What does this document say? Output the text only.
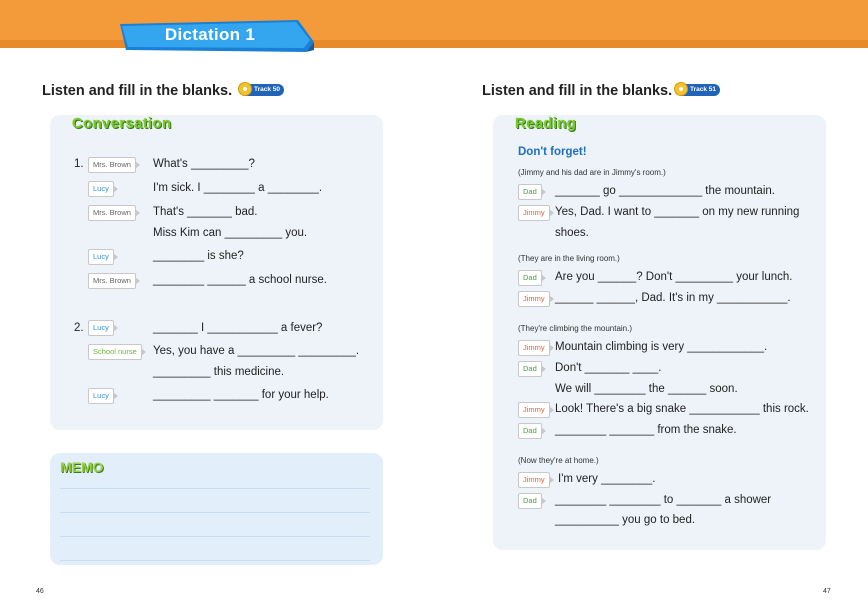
Dictation 1
Listen and fill in the blanks.	Track 50
Conversation
1.	Mrs. Brown	What's _________?
Lucy	I'm sick. I ________ a ________.
Mrs. Brown	That's _______ bad.
Miss Kim can _________ you.
Lucy	________ is she?
Mrs. Brown	________ ______ a school nurse.
2.	Lucy	_______ I ___________ a fever?
School nurse	Yes, you have a _________ _________.
_________ this medicine.
Lucy	_________ _______ for your help.
MEMO
46
Listen and fill in the blanks.	Track 51
Reading
Don't forget!
(Jimmy and his dad are in Jimmy's room.)
Dad	_______ go _____________ the mountain.
Jimmy Yes, Dad. I want to _______ on my new running
shoes.
(They are in the living room.)
Dad	Are you ______? Don't _________ your lunch.
Jimmy ______ ______, Dad. It's in my ___________.
(They're climbing the mountain.)
Jimmy Mountain climbing is very ____________.
Dad	Don't _______ ____.
We will ________ the ______ soon.
Jimmy Look! There's a big snake ___________ this rock.
Dad	________ _______ from the snake.
(Now they're at home.)
Jimmy	I'm very ________.
Dad	________ ________ to _______ a shower
__________ you go to bed.
47
